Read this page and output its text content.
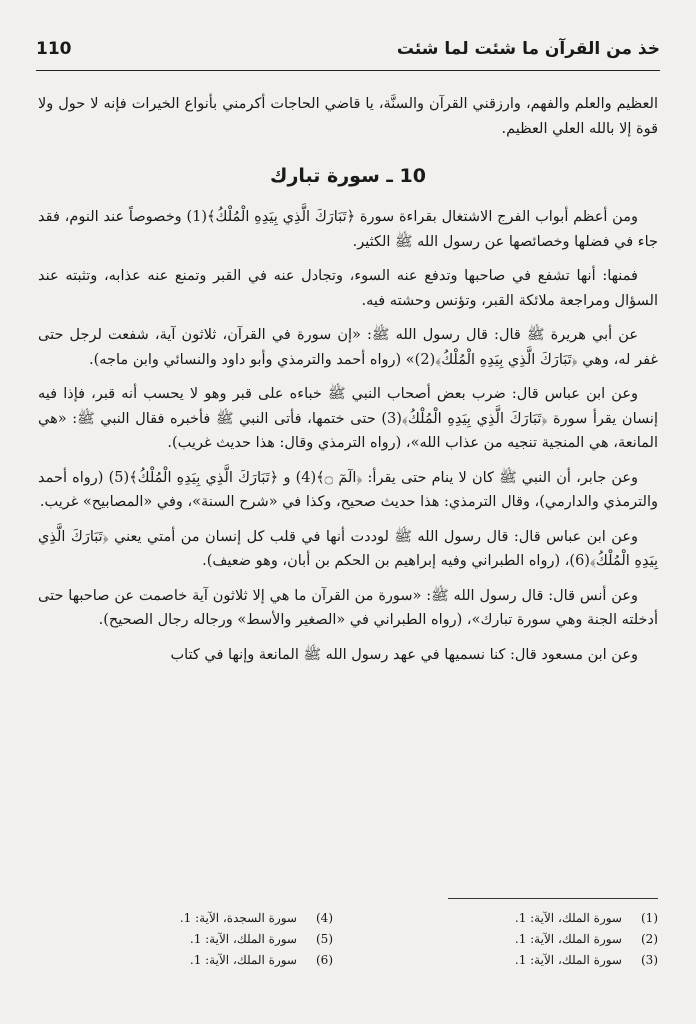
110	خذ من القرآن ما شئت لما شئت

العظيم والعلم والفهم، وارزقني القرآن والسنَّة، يا قاضي الحاجات أكرمني بأنواع الخيرات فإنه لا حول ولا قوة إلا بالله العلي العظيم.

10 ـ سورة تبارك

ومن أعظم أبواب الفرج الاشتغال بقراءة سورة ﴿تَبَارَكَ الَّذِي بِيَدِهِ الْمُلْكُ﴾(1) وخصوصاً عند النوم، فقد جاء في فضلها وخصائصها عن رسول الله ﷺ الكثير.

فمنها: أنها تشفع في صاحبها وتدفع عنه السوء، وتجادل عنه في القبر وتمنع عنه عذابه، وتثبته عند السؤال ومراجعة ملائكة القبر، وتؤنس وحشته فيه.

عن أبي هريرة ﷺ قال: قال رسول الله ﷺ: «إن سورة في القرآن، ثلاثون آية، شفعت لرجل حتى غفر له، وهي ﴿تَبَارَكَ الَّذِي بِيَدِهِ الْمُلْكُ﴾(2)» (رواه أحمد والترمذي وأبو داود والنسائي وابن ماجه).

وعن ابن عباس قال: ضرب بعض أصحاب النبي ﷺ خباءه على قبر وهو لا يحسب أنه قبر، فإذا فيه إنسان يقرأ سورة ﴿تَبَارَكَ الَّذِي بِيَدِهِ الْمُلْكُ﴾(3) حتى ختمها، فأتى النبي ﷺ فأخبره فقال النبي ﷺ: «هي المانعة، هي المنجية تنجيه من عذاب الله»، (رواه الترمذي وقال: هذا حديث غريب).

وعن جابر، أن النبي ﷺ كان لا ينام حتى يقرأ: ﴿الٓمٓ ۝﴾(4) و ﴿تَبَارَكَ الَّذِي بِيَدِهِ الْمُلْكُ﴾(5) (رواه أحمد والترمذي والدارمي)، وقال الترمذي: هذا حديث صحيح، وكذا في «شرح السنة»، وفي «المصابيح» غريب.

وعن ابن عباس قال: قال رسول الله ﷺ لوددت أنها في قلب كل إنسان من أمتي يعني ﴿تَبَارَكَ الَّذِي بِيَدِهِ الْمُلْكُ﴾(6)، (رواه الطبراني وفيه إبراهيم بن الحكم بن أبان، وهو ضعيف).

وعن أنس قال: قال رسول الله ﷺ: «سورة من القرآن ما هي إلا ثلاثون آية خاصمت عن صاحبها حتى أدخلته الجنة وهي سورة تبارك»، (رواه الطبراني في «الصغير والأسط» ورجاله رجال الصحيح).

وعن ابن مسعود قال: كنا نسميها في عهد رسول الله ﷺ المانعة وإنها في كتاب

(1)
سورة الملك، الآية: 1.
(4)
سورة السجدة، الآية: 1.
(2)
سورة الملك، الآية: 1.
(5)
سورة الملك، الآية: 1.
(3)
سورة الملك، الآية: 1.
(6)
سورة الملك، الآية: 1.
